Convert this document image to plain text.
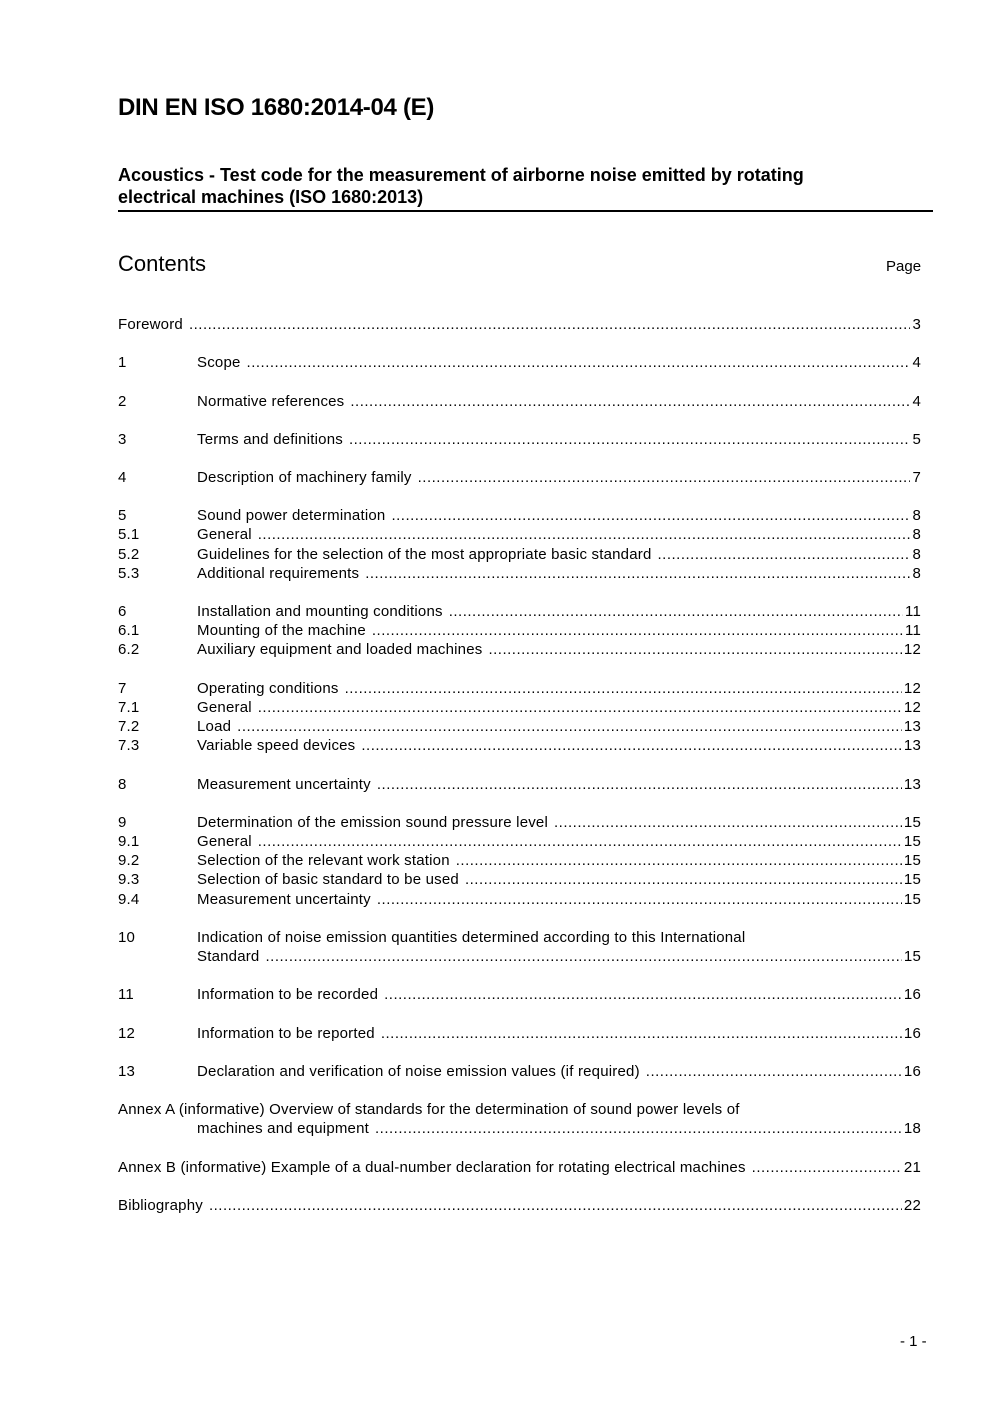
DIN EN ISO 1680:2014-04 (E)
Acoustics - Test code for the measurement of airborne noise emitted by rotating
electrical machines (ISO 1680:2013)
Contents	Page
Foreword .....	3
1	Scope .....	4
2	Normative references .....	4
3	Terms and definitions .....	5
4	Description of machinery family .....	7
5	Sound power determination .....	8
5.1	General .....	8
5.2	Guidelines for the selection of the most appropriate basic standard .....	8
5.3	Additional requirements .....	8
6	Installation and mounting conditions .....	11
6.1	Mounting of the machine .....	11
6.2	Auxiliary equipment and loaded machines .....	12
7	Operating conditions .....	12
7.1	General .....	12
7.2	Load .....	13
7.3	Variable speed devices .....	13
8	Measurement uncertainty .....	13
9	Determination of the emission sound pressure level .....	15
9.1	General .....	15
9.2	Selection of the relevant work station .....	15
9.3	Selection of basic standard to be used .....	15
9.4	Measurement uncertainty .....	15
10	Indication of noise emission quantities determined according to this International
Standard .....	15
11	Information to be recorded .....	16
12	Information to be reported .....	16
13	Declaration and verification of noise emission values (if required) .....	16
Annex A (informative) Overview of standards for the determination of sound power levels of
machines and equipment .....	18
Annex B (informative) Example of a dual-number declaration for rotating electrical machines .....	21
Bibliography .....	22
- 1 -
